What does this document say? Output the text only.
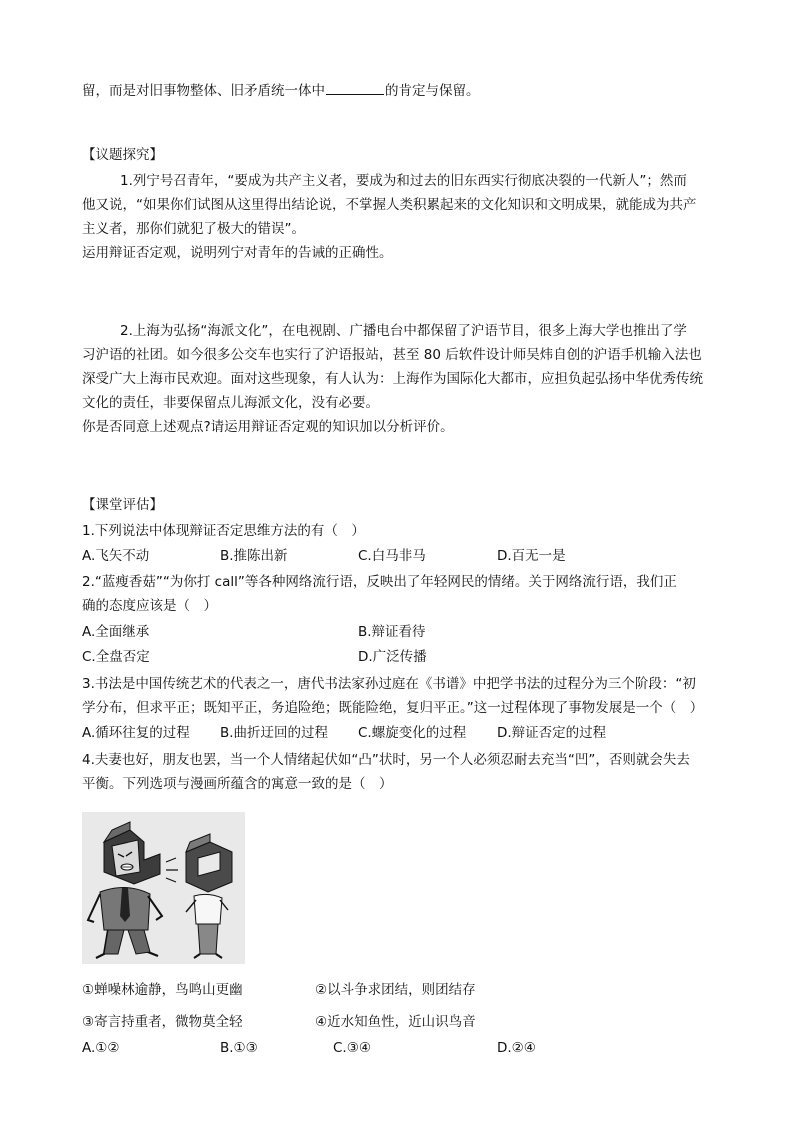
留，而是对旧事物整体、旧矛盾统一体中	的肯定与保留。
【议题探究】
1.列宁号召青年，“要成为共产主义者，要成为和过去的旧东西实行彻底决裂的一代新人”；然而
他又说，“如果你们试图从这里得出结论说，不掌握人类积累起来的文化知识和文明成果，就能成为共产
主义者，那你们就犯了极大的错误”。
运用辩证否定观，说明列宁对青年的告诫的正确性。
2.上海为弘扬“海派文化”，在电视剧、广播电台中都保留了沪语节目，很多上海大学也推出了学
习沪语的社团。如今很多公交车也实行了沪语报站，甚至 80 后软件设计师吴炜自创的沪语手机输入法也
深受广大上海市民欢迎。面对这些现象，有人认为：上海作为国际化大都市，应担负起弘扬中华优秀传统
文化的责任，非要保留点儿海派文化，没有必要。
你是否同意上述观点?请运用辩证否定观的知识加以分析评价。
【课堂评估】
1.下列说法中体现辩证否定思维方法的有（　）
A.飞矢不动	B.推陈出新	C.白马非马	D.百无一是
2.“蓝瘦香菇”“为你打 call”等各种网络流行语，反映出了年轻网民的情绪。关于网络流行语，我们正
确的态度应该是（　）
A.全面继承	B.辩证看待
C.全盘否定	D.广泛传播
3.书法是中国传统艺术的代表之一，唐代书法家孙过庭在《书谱》中把学书法的过程分为三个阶段：“初
学分布，但求平正；既知平正，务追险绝；既能险绝，复归平正。”这一过程体现了事物发展是一个（　）
A.循环往复的过程 B.曲折迂回的过程 C.螺旋变化的过程 D.辩证否定的过程
4.夫妻也好，朋友也罢，当一个人情绪起伏如“凸”状时，另一个人必须忍耐去充当“凹”，否则就会失去
平衡。下列选项与漫画所蕴含的寓意一致的是（　）
①蝉噪林逾静，鸟鸣山更幽	②以斗争求团结，则团结存
③寄言持重者，微物莫全轻	④近水知鱼性，近山识鸟音
A.①②	B.①③	C.③④	D.②④
